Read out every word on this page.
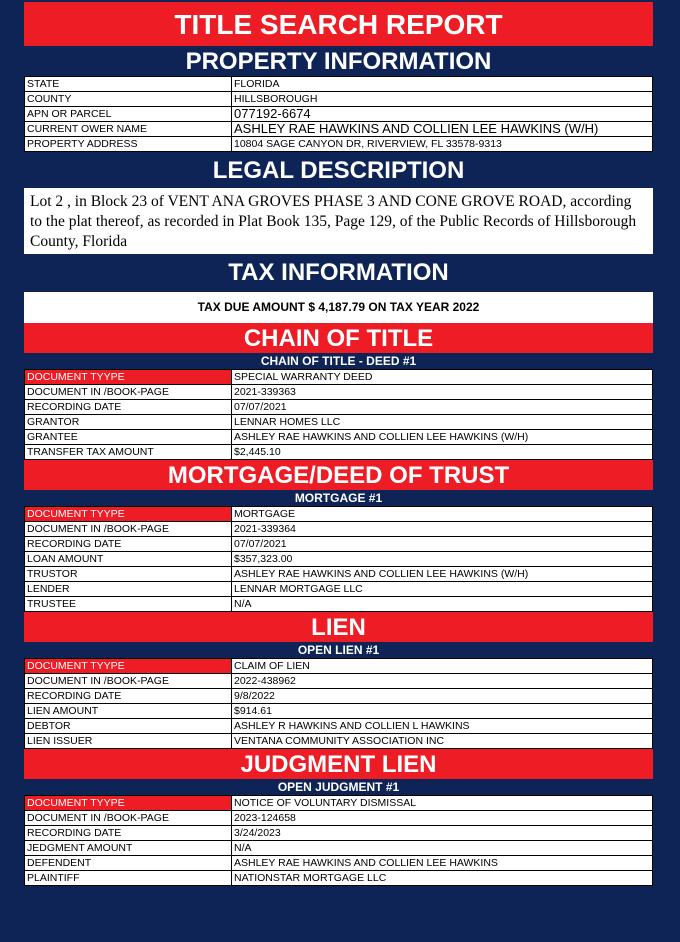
TITLE SEARCH REPORT
PROPERTY INFORMATION
STATE	FLORIDA
COUNTY	HILLSBOROUGH
APN OR PARCEL	077192-6674
CURRENT OWER NAME	ASHLEY RAE HAWKINS AND COLLIEN LEE HAWKINS (W/H)
PROPERTY ADDRESS	10804 SAGE CANYON DR, RIVERVIEW, FL 33578-9313
LEGAL DESCRIPTION
Lot 2 , in Block 23 of VENT ANA GROVES PHASE 3 AND CONE GROVE ROAD, according to the plat thereof, as recorded in Plat Book 135, Page 129, of the Public Records of Hillsborough County, Florida
TAX INFORMATION
TAX DUE AMOUNT $ 4,187.79 ON TAX YEAR 2022
CHAIN OF TITLE
CHAIN OF TITLE - DEED #1
DOCUMENT TYYPE	SPECIAL WARRANTY DEED
DOCUMENT IN /BOOK-PAGE	2021-339363
RECORDING DATE	07/07/2021
GRANTOR	LENNAR HOMES LLC
GRANTEE	ASHLEY RAE HAWKINS AND COLLIEN LEE HAWKINS (W/H)
TRANSFER TAX AMOUNT	$2,445.10
MORTGAGE/DEED OF TRUST
MORTGAGE #1
DOCUMENT TYYPE	MORTGAGE
DOCUMENT IN /BOOK-PAGE	2021-339364
RECORDING DATE	07/07/2021
LOAN AMOUNT	$357,323.00
TRUSTOR	ASHLEY RAE HAWKINS AND COLLIEN LEE HAWKINS (W/H)
LENDER	LENNAR MORTGAGE LLC
TRUSTEE	N/A
LIEN
OPEN LIEN #1
DOCUMENT TYYPE	CLAIM OF LIEN
DOCUMENT IN /BOOK-PAGE	2022-438962
RECORDING DATE	9/8/2022
LIEN AMOUNT	$914.61
DEBTOR	ASHLEY R HAWKINS AND COLLIEN L HAWKINS
LIEN ISSUER	VENTANA COMMUNITY ASSOCIATION INC
JUDGMENT LIEN
OPEN JUDGMENT #1
DOCUMENT TYYPE	NOTICE OF VOLUNTARY DISMISSAL
DOCUMENT IN /BOOK-PAGE	2023-124658
RECORDING DATE	3/24/2023
JEDGMENT AMOUNT	N/A
DEFENDENT	ASHLEY RAE HAWKINS AND COLLIEN LEE HAWKINS
PLAINTIFF	NATIONSTAR MORTGAGE LLC
